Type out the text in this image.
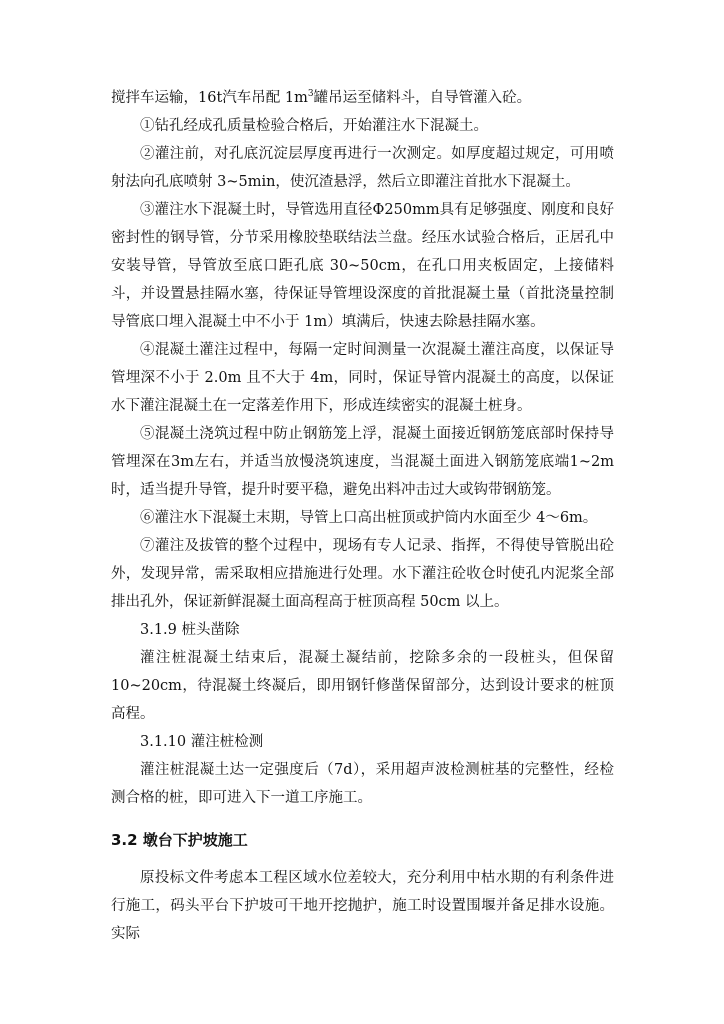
搅拌车运输，16t汽车吊配 $1m^3$罐吊运至储料斗，自导管灌入砼。

①钻孔经成孔质量检验合格后，开始灌注水下混凝土。

②灌注前，对孔底沉淀层厚度再进行一次测定。如厚度超过规定，可用喷射法向孔底喷射 3~5min，使沉渣悬浮，然后立即灌注首批水下混凝土。

③灌注水下混凝土时，导管选用直径Φ250mm具有足够强度、刚度和良好密封性的钢导管，分节采用橡胶垫联结法兰盘。经压水试验合格后，正居孔中安装导管，导管放至底口距孔底 30~50cm，在孔口用夹板固定，上接储料斗，并设置悬挂隔水塞，待保证导管埋设深度的首批混凝土量（首批浇量控制导管底口埋入混凝土中不小于 1m）填满后，快速去除悬挂隔水塞。

④混凝土灌注过程中，每隔一定时间测量一次混凝土灌注高度，以保证导管埋深不小于 2.0m 且不大于 4m，同时，保证导管内混凝土的高度，以保证水下灌注混凝土在一定落差作用下，形成连续密实的混凝土桩身。

⑤混凝土浇筑过程中防止钢筋笼上浮，混凝土面接近钢筋笼底部时保持导管埋深在3m左右，并适当放慢浇筑速度，当混凝土面进入钢筋笼底端1~2m时，适当提升导管，提升时要平稳，避免出料冲击过大或钩带钢筋笼。

⑥灌注水下混凝土末期，导管上口高出桩顶或护筒内水面至少 4～6m。

⑦灌注及拔管的整个过程中，现场有专人记录、指挥，不得使导管脱出砼外，发现异常，需采取相应措施进行处理。水下灌注砼收仓时使孔内泥浆全部排出孔外，保证新鲜混凝土面高程高于桩顶高程 50cm 以上。

3.1.9 桩头凿除

灌注桩混凝土结束后，混凝土凝结前，挖除多余的一段桩头，但保留10~20cm，待混凝土终凝后，即用钢钎修凿保留部分，达到设计要求的桩顶高程。

3.1.10 灌注桩检测

灌注桩混凝土达一定强度后（7d），采用超声波检测桩基的完整性，经检测合格的桩，即可进入下一道工序施工。

3.2 墩台下护坡施工

原投标文件考虑本工程区域水位差较大，充分利用中枯水期的有利条件进行施工，码头平台下护坡可干地开挖抛护，施工时设置围堰并备足排水设施。实际
